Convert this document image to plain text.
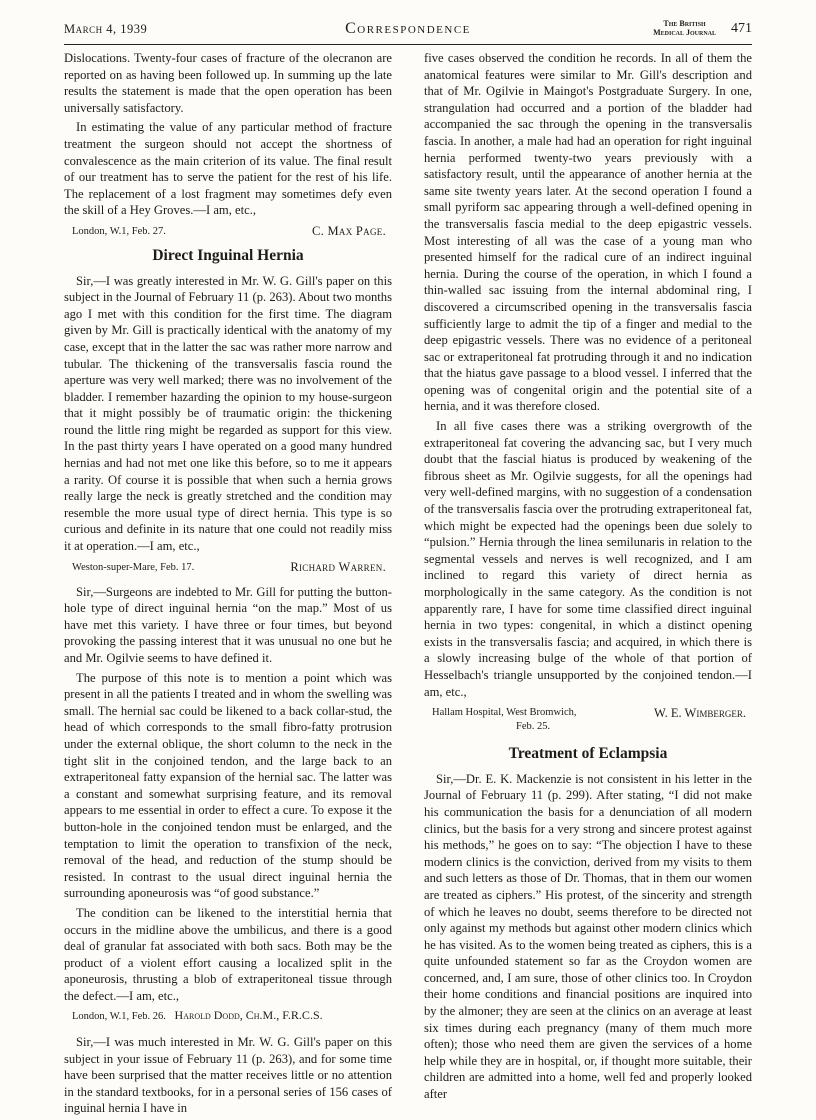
March 4, 1939	Correspondence	The British
Medical Journal 471

Dislocations. Twenty-four cases of fracture of the olecranon are reported on as having been followed up. In summing up the late results the statement is made that the open operation has been universally satisfactory.

In estimating the value of any particular method of fracture treatment the surgeon should not accept the shortness of convalescence as the main criterion of its value. The final result of our treatment has to serve the patient for the rest of his life. The replacement of a lost fragment may sometimes defy even the skill of a Hey Groves.—I am, etc.,

London, W.1, Feb. 27.	C. Max Page.
Direct Inguinal Hernia

Sir,—I was greatly interested in Mr. W. G. Gill's paper on this subject in the Journal of February 11 (p. 263). About two months ago I met with this condition for the first time. The diagram given by Mr. Gill is practically identical with the anatomy of my case, except that in the latter the sac was rather more narrow and tubular. The thickening of the transversalis fascia round the aperture was very well marked; there was no involvement of the bladder. I remember hazarding the opinion to my house-surgeon that it might possibly be of traumatic origin: the thickening round the little ring might be regarded as support for this view. In the past thirty years I have operated on a good many hundred hernias and had not met one like this before, so to me it appears a rarity. Of course it is possible that when such a hernia grows really large the neck is greatly stretched and the condition may resemble the more usual type of direct hernia. This type is so curious and definite in its nature that one could not readily miss it at operation.—I am, etc.,

Weston-super-Mare, Feb. 17.	Richard Warren.

Sir,—Surgeons are indebted to Mr. Gill for putting the button-hole type of direct inguinal hernia “on the map.” Most of us have met this variety. I have three or four times, but beyond provoking the passing interest that it was unusual no one but he and Mr. Ogilvie seems to have defined it.

The purpose of this note is to mention a point which was present in all the patients I treated and in whom the swelling was small. The hernial sac could be likened to a back collar-stud, the head of which corresponds to the small fibro-fatty protrusion under the external oblique, the short column to the neck in the tight slit in the conjoined tendon, and the large back to an extraperitoneal fatty expansion of the hernial sac. The latter was a constant and somewhat surprising feature, and its removal appears to me essential in order to effect a cure. To expose it the button-hole in the conjoined tendon must be enlarged, and the temptation to limit the operation to transfixion of the neck, removal of the head, and reduction of the stump should be resisted. In contrast to the usual direct inguinal hernia the surrounding aponeurosis was “of good substance.”

The condition can be likened to the interstitial hernia that occurs in the midline above the umbilicus, and there is a good deal of granular fat associated with both sacs. Both may be the product of a violent effort causing a localized split in the aponeurosis, thrusting a blob of extraperitoneal tissue through the defect.—I am, etc.,

London, W.1, Feb. 26. Harold Dodd, Ch.M., F.R.C.S.

Sir,—I was much interested in Mr. W. G. Gill's paper on this subject in your issue of February 11 (p. 263), and for some time have been surprised that the matter receives little or no attention in the standard textbooks, for in a personal series of 156 cases of inguinal hernia I have in

five cases observed the condition he records. In all of them the anatomical features were similar to Mr. Gill's description and that of Mr. Ogilvie in Maingot's Postgraduate Surgery. In one, strangulation had occurred and a portion of the bladder had accompanied the sac through the opening in the transversalis fascia. In another, a male had had an operation for right inguinal hernia performed twenty-two years previously with a satisfactory result, until the appearance of another hernia at the same site twenty years later. At the second operation I found a small pyriform sac appearing through a well-defined opening in the transversalis fascia medial to the deep epigastric vessels. Most interesting of all was the case of a young man who presented himself for the radical cure of an indirect inguinal hernia. During the course of the operation, in which I found a thin-walled sac issuing from the internal abdominal ring, I discovered a circumscribed opening in the transversalis fascia sufficiently large to admit the tip of a finger and medial to the deep epigastric vessels. There was no evidence of a peritoneal sac or extraperitoneal fat protruding through it and no indication that the hiatus gave passage to a blood vessel. I inferred that the opening was of congenital origin and the potential site of a hernia, and it was therefore closed.

In all five cases there was a striking overgrowth of the extraperitoneal fat covering the advancing sac, but I very much doubt that the fascial hiatus is produced by weakening of the fibrous sheet as Mr. Ogilvie suggests, for all the openings had very well-defined margins, with no suggestion of a condensation of the transversalis fascia over the protruding extraperitoneal fat, which might be expected had the openings been due solely to “pulsion.” Hernia through the linea semilunaris in relation to the segmental vessels and nerves is well recognized, and I am inclined to regard this variety of direct hernia as morphologically in the same category. As the condition is not apparently rare, I have for some time classified direct inguinal hernia in two types: congenital, in which a distinct opening exists in the transversalis fascia; and acquired, in which there is a slowly increasing bulge of the whole of that portion of Hesselbach's triangle unsupported by the conjoined tendon.—I am, etc.,

Hallam Hospital, West Bromwich,
Feb. 25.
W. E. Wimberger.
Treatment of Eclampsia

Sir,—Dr. E. K. Mackenzie is not consistent in his letter in the Journal of February 11 (p. 299). After stating, “I did not make his communication the basis for a denunciation of all modern clinics, but the basis for a very strong and sincere protest against his methods,” he goes on to say: “The objection I have to these modern clinics is the conviction, derived from my visits to them and such letters as those of Dr. Thomas, that in them our women are treated as ciphers.” His protest, of the sincerity and strength of which he leaves no doubt, seems therefore to be directed not only against my methods but against other modern clinics which he has visited. As to the women being treated as ciphers, this is a quite unfounded statement so far as the Croydon women are concerned, and, I am sure, those of other clinics too. In Croydon their home conditions and financial positions are inquired into by the almoner; they are seen at the clinics on an average at least six times during each pregnancy (many of them much more often); those who need them are given the services of a home help while they are in hospital, or, if thought more suitable, their children are admitted into a home, well fed and properly looked after
